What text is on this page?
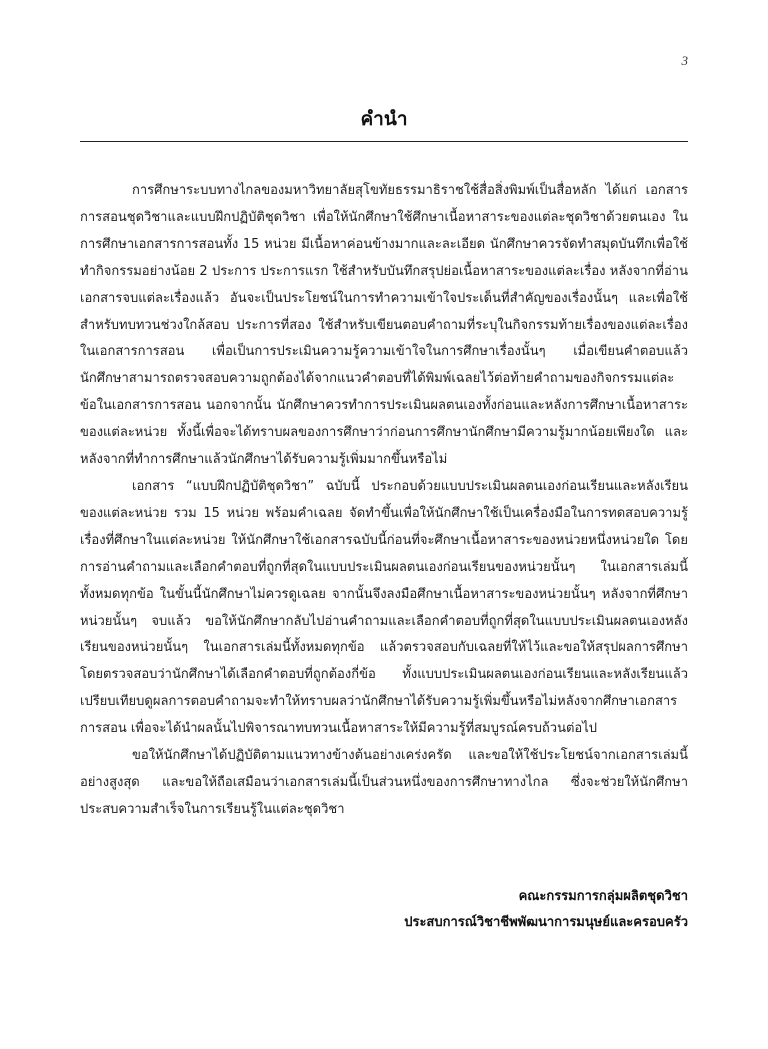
3
คำนำ

การศึกษาระบบทางไกลของมหาวิทยาลัยสุโขทัยธรรมาธิราชใช้สื่อสิ่งพิมพ์เป็นสื่อหลัก ได้แก่ เอกสารการสอนชุดวิชาและแบบฝึกปฏิบัติชุดวิชา เพื่อให้นักศึกษาใช้ศึกษาเนื้อหาสาระของแต่ละชุดวิชาด้วยตนเอง ในการศึกษาเอกสารการสอนทั้ง 15 หน่วย มีเนื้อหาค่อนข้างมากและละเอียด นักศึกษาควรจัดทำสมุดบันทึกเพื่อใช้ทำกิจกรรมอย่างน้อย 2 ประการ ประการแรก ใช้สำหรับบันทึกสรุปย่อเนื้อหาสาระของแต่ละเรื่อง หลังจากที่อ่านเอกสารจบแต่ละเรื่องแล้ว อันจะเป็นประโยชน์ในการทำความเข้าใจประเด็นที่สำคัญของเรื่องนั้นๆ และเพื่อใช้สำหรับทบทวนช่วงใกล้สอบ ประการที่สอง ใช้สำหรับเขียนตอบคำถามที่ระบุในกิจกรรมท้ายเรื่องของแต่ละเรื่องในเอกสารการสอน เพื่อเป็นการประเมินความรู้ความเข้าใจในการศึกษาเรื่องนั้นๆ เมื่อเขียนคำตอบแล้วนักศึกษาสามารถตรวจสอบความถูกต้องได้จากแนวคำตอบที่ได้พิมพ์เฉลยไว้ต่อท้ายคำถามของกิจกรรมแต่ละข้อในเอกสารการสอน นอกจากนั้น นักศึกษาควรทำการประเมินผลตนเองทั้งก่อนและหลังการศึกษาเนื้อหาสาระของแต่ละหน่วย ทั้งนี้เพื่อจะได้ทราบผลของการศึกษาว่าก่อนการศึกษานักศึกษามีความรู้มากน้อยเพียงใด และหลังจากที่ทำการศึกษาแล้วนักศึกษาได้รับความรู้เพิ่มมากขึ้นหรือไม่

เอกสาร “แบบฝึกปฏิบัติชุดวิชา” ฉบับนี้ ประกอบด้วยแบบประเมินผลตนเองก่อนเรียนและหลังเรียนของแต่ละหน่วย รวม 15 หน่วย พร้อมคำเฉลย จัดทำขึ้นเพื่อให้นักศึกษาใช้เป็นเครื่องมือในการทดสอบความรู้เรื่องที่ศึกษาในแต่ละหน่วย ให้นักศึกษาใช้เอกสารฉบับนี้ก่อนที่จะศึกษาเนื้อหาสาระของหน่วยหนึ่งหน่วยใด โดยการอ่านคำถามและเลือกคำตอบที่ถูกที่สุดในแบบประเมินผลตนเองก่อนเรียนของหน่วยนั้นๆ ในเอกสารเล่มนี้ทั้งหมดทุกข้อ ในขั้นนี้นักศึกษาไม่ควรดูเฉลย จากนั้นจึงลงมือศึกษาเนื้อหาสาระของหน่วยนั้นๆ หลังจากที่ศึกษาหน่วยนั้นๆ จบแล้ว ขอให้นักศึกษากลับไปอ่านคำถามและเลือกคำตอบที่ถูกที่สุดในแบบประเมินผลตนเองหลังเรียนของหน่วยนั้นๆ ในเอกสารเล่มนี้ทั้งหมดทุกข้อ แล้วตรวจสอบกับเฉลยที่ให้ไว้และขอให้สรุปผลการศึกษาโดยตรวจสอบว่านักศึกษาได้เลือกคำตอบที่ถูกต้องกี่ข้อ ทั้งแบบประเมินผลตนเองก่อนเรียนและหลังเรียนแล้วเปรียบเทียบดูผลการตอบคำถามจะทำให้ทราบผลว่านักศึกษาได้รับความรู้เพิ่มขึ้นหรือไม่หลังจากศึกษาเอกสารการสอน เพื่อจะได้นำผลนั้นไปพิจารณาทบทวนเนื้อหาสาระให้มีความรู้ที่สมบูรณ์ครบถ้วนต่อไป

ขอให้นักศึกษาได้ปฏิบัติตามแนวทางข้างต้นอย่างเคร่งครัด และขอให้ใช้ประโยชน์จากเอกสารเล่มนี้อย่างสูงสุด และขอให้ถือเสมือนว่าเอกสารเล่มนี้เป็นส่วนหนึ่งของการศึกษาทางไกล ซึ่งจะช่วยให้นักศึกษาประสบความสำเร็จในการเรียนรู้ในแต่ละชุดวิชา

คณะกรรมการกลุ่มผลิตชุดวิชา
ประสบการณ์วิชาชีพพัฒนาการมนุษย์และครอบครัว
